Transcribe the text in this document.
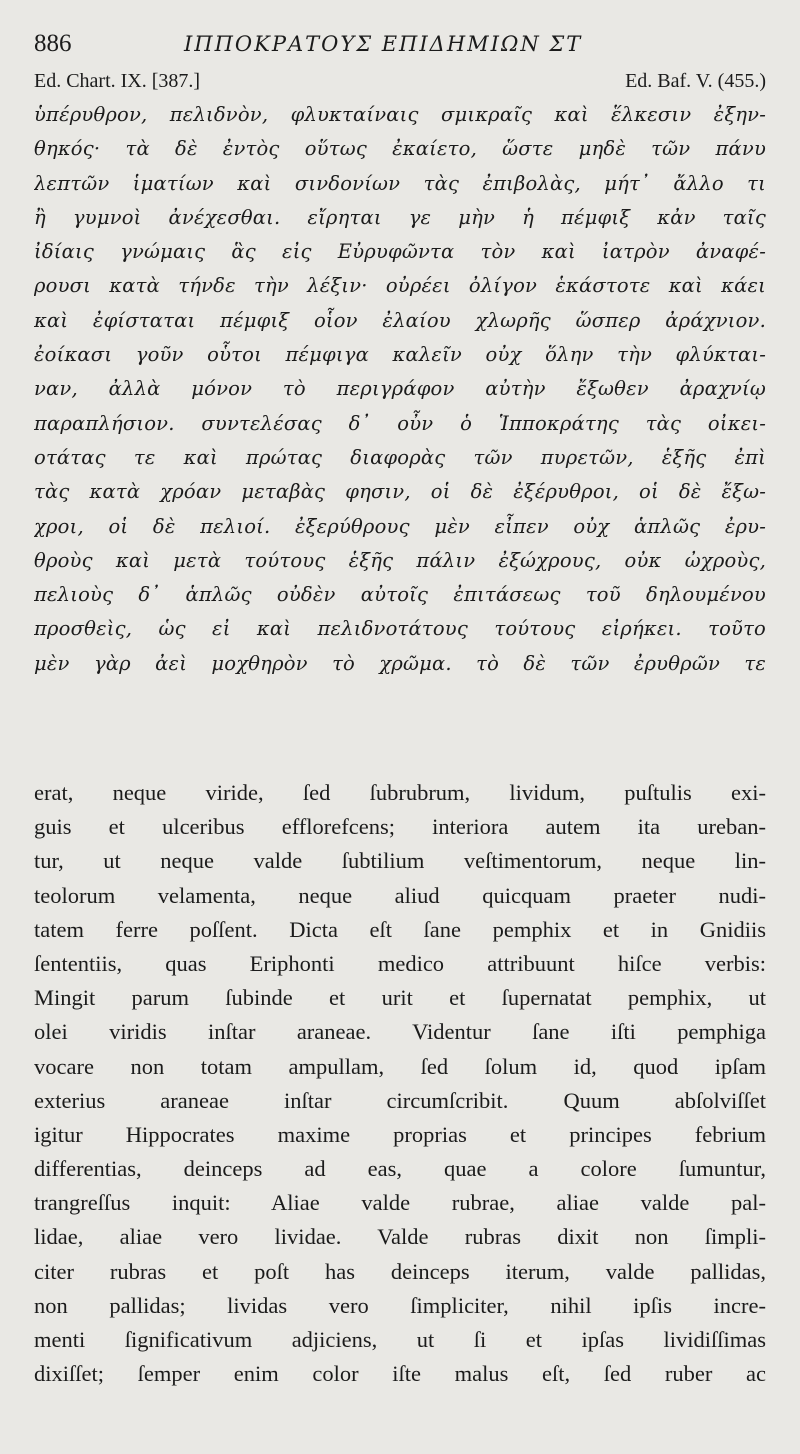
886	ΙΠΠΟΚΡΑΤΟΥΣ ΕΠΙΔΗΜΙΩΝ ΣΤ
Ed. Chart. IX. [387.]	Ed. Baf. V. (455.)
ὑπέρυθρον, πελιδνὸν, φλυκταίναις σμικραῖς καὶ ἕλκεσιν ἐξην-
θηκός· τὰ δὲ ἐντὸς οὕτως ἐκαίετο, ὥστε μηδὲ τῶν πάνυ
λεπτῶν ἱματίων καὶ σινδονίων τὰς ἐπιβολὰς, μήτ᾽ ἄλλο τι
ἢ γυμνοὶ ἀνέχεσθαι. εἴρηται γε μὴν ἡ πέμφιξ κἀν ταῖς
ἰδίαις γνώμαις ἃς εἰς Εὐρυφῶντα τὸν καὶ ἰατρὸν ἀναφέ-
ρουσι κατὰ τήνδε τὴν λέξιν· οὐρέει ὀλίγον ἑκάστοτε καὶ κάει
καὶ ἐφίσταται πέμφιξ οἷον ἐλαίου χλωρῆς ὥσπερ ἀράχνιον.
ἐοίκασι γοῦν οὗτοι πέμφιγα καλεῖν οὐχ ὅλην τὴν φλύκται-
ναν, ἀλλὰ μόνον τὸ περιγράφον αὐτὴν ἔξωθεν ἀραχνίῳ
παραπλήσιον. συντελέσας δ᾽ οὖν ὁ Ἱπποκράτης τὰς οἰκει-
οτάτας τε καὶ πρώτας διαφορὰς τῶν πυρετῶν, ἑξῆς ἐπὶ
τὰς κατὰ χρόαν μεταβὰς φησιν, οἱ δὲ ἐξέρυθροι, οἱ δὲ ἔξω-
χροι, οἱ δὲ πελιοί. ἐξερύθρους μὲν εἶπεν οὐχ ἁπλῶς ἐρυ-
θροὺς καὶ μετὰ τούτους ἑξῆς πάλιν ἐξώχρους, οὐκ ὠχροὺς,
πελιοὺς δ᾽ ἁπλῶς οὐδὲν αὐτοῖς ἐπιτάσεως τοῦ δηλουμένου
προσθεὶς, ὡς εἰ καὶ πελιδνοτάτους τούτους εἰρήκει. τοῦτο
μὲν γὰρ ἀεὶ μοχθηρὸν τὸ χρῶμα. τὸ δὲ τῶν ἐρυθρῶν τε
erat, neque viride, ſed ſubrubrum, lividum, puſtulis exi-
guis et ulceribus efflorefcens; interiora autem ita ureban-
tur, ut neque valde ſubtilium veſtimentorum, neque lin-
teolorum velamenta, neque aliud quicquam praeter nudi-
tatem ferre poſſent. Dicta eſt ſane pemphix et in Gnidiis
ſententiis, quas Eriphonti medico attribuunt hiſce verbis:
Mingit parum ſubinde et urit et ſupernatat pemphix, ut
olei viridis inſtar araneae. Videntur ſane iſti pemphiga
vocare non totam ampullam, ſed ſolum id, quod ipſam
exterius araneae inſtar circumſcribit. Quum abſolviſſet
igitur Hippocrates maxime proprias et principes febrium
differentias, deinceps ad eas, quae a colore ſumuntur,
trangreſſus inquit: Aliae valde rubrae, aliae valde pal-
lidae, aliae vero lividae. Valde rubras dixit non ſimpli-
citer rubras et poſt has deinceps iterum, valde pallidas,
non pallidas; lividas vero ſimpliciter, nihil ipſis incre-
menti ſignificativum adjiciens, ut ſi et ipſas lividiſſimas
dixiſſet; ſemper enim color iſte malus eſt, ſed ruber ac
